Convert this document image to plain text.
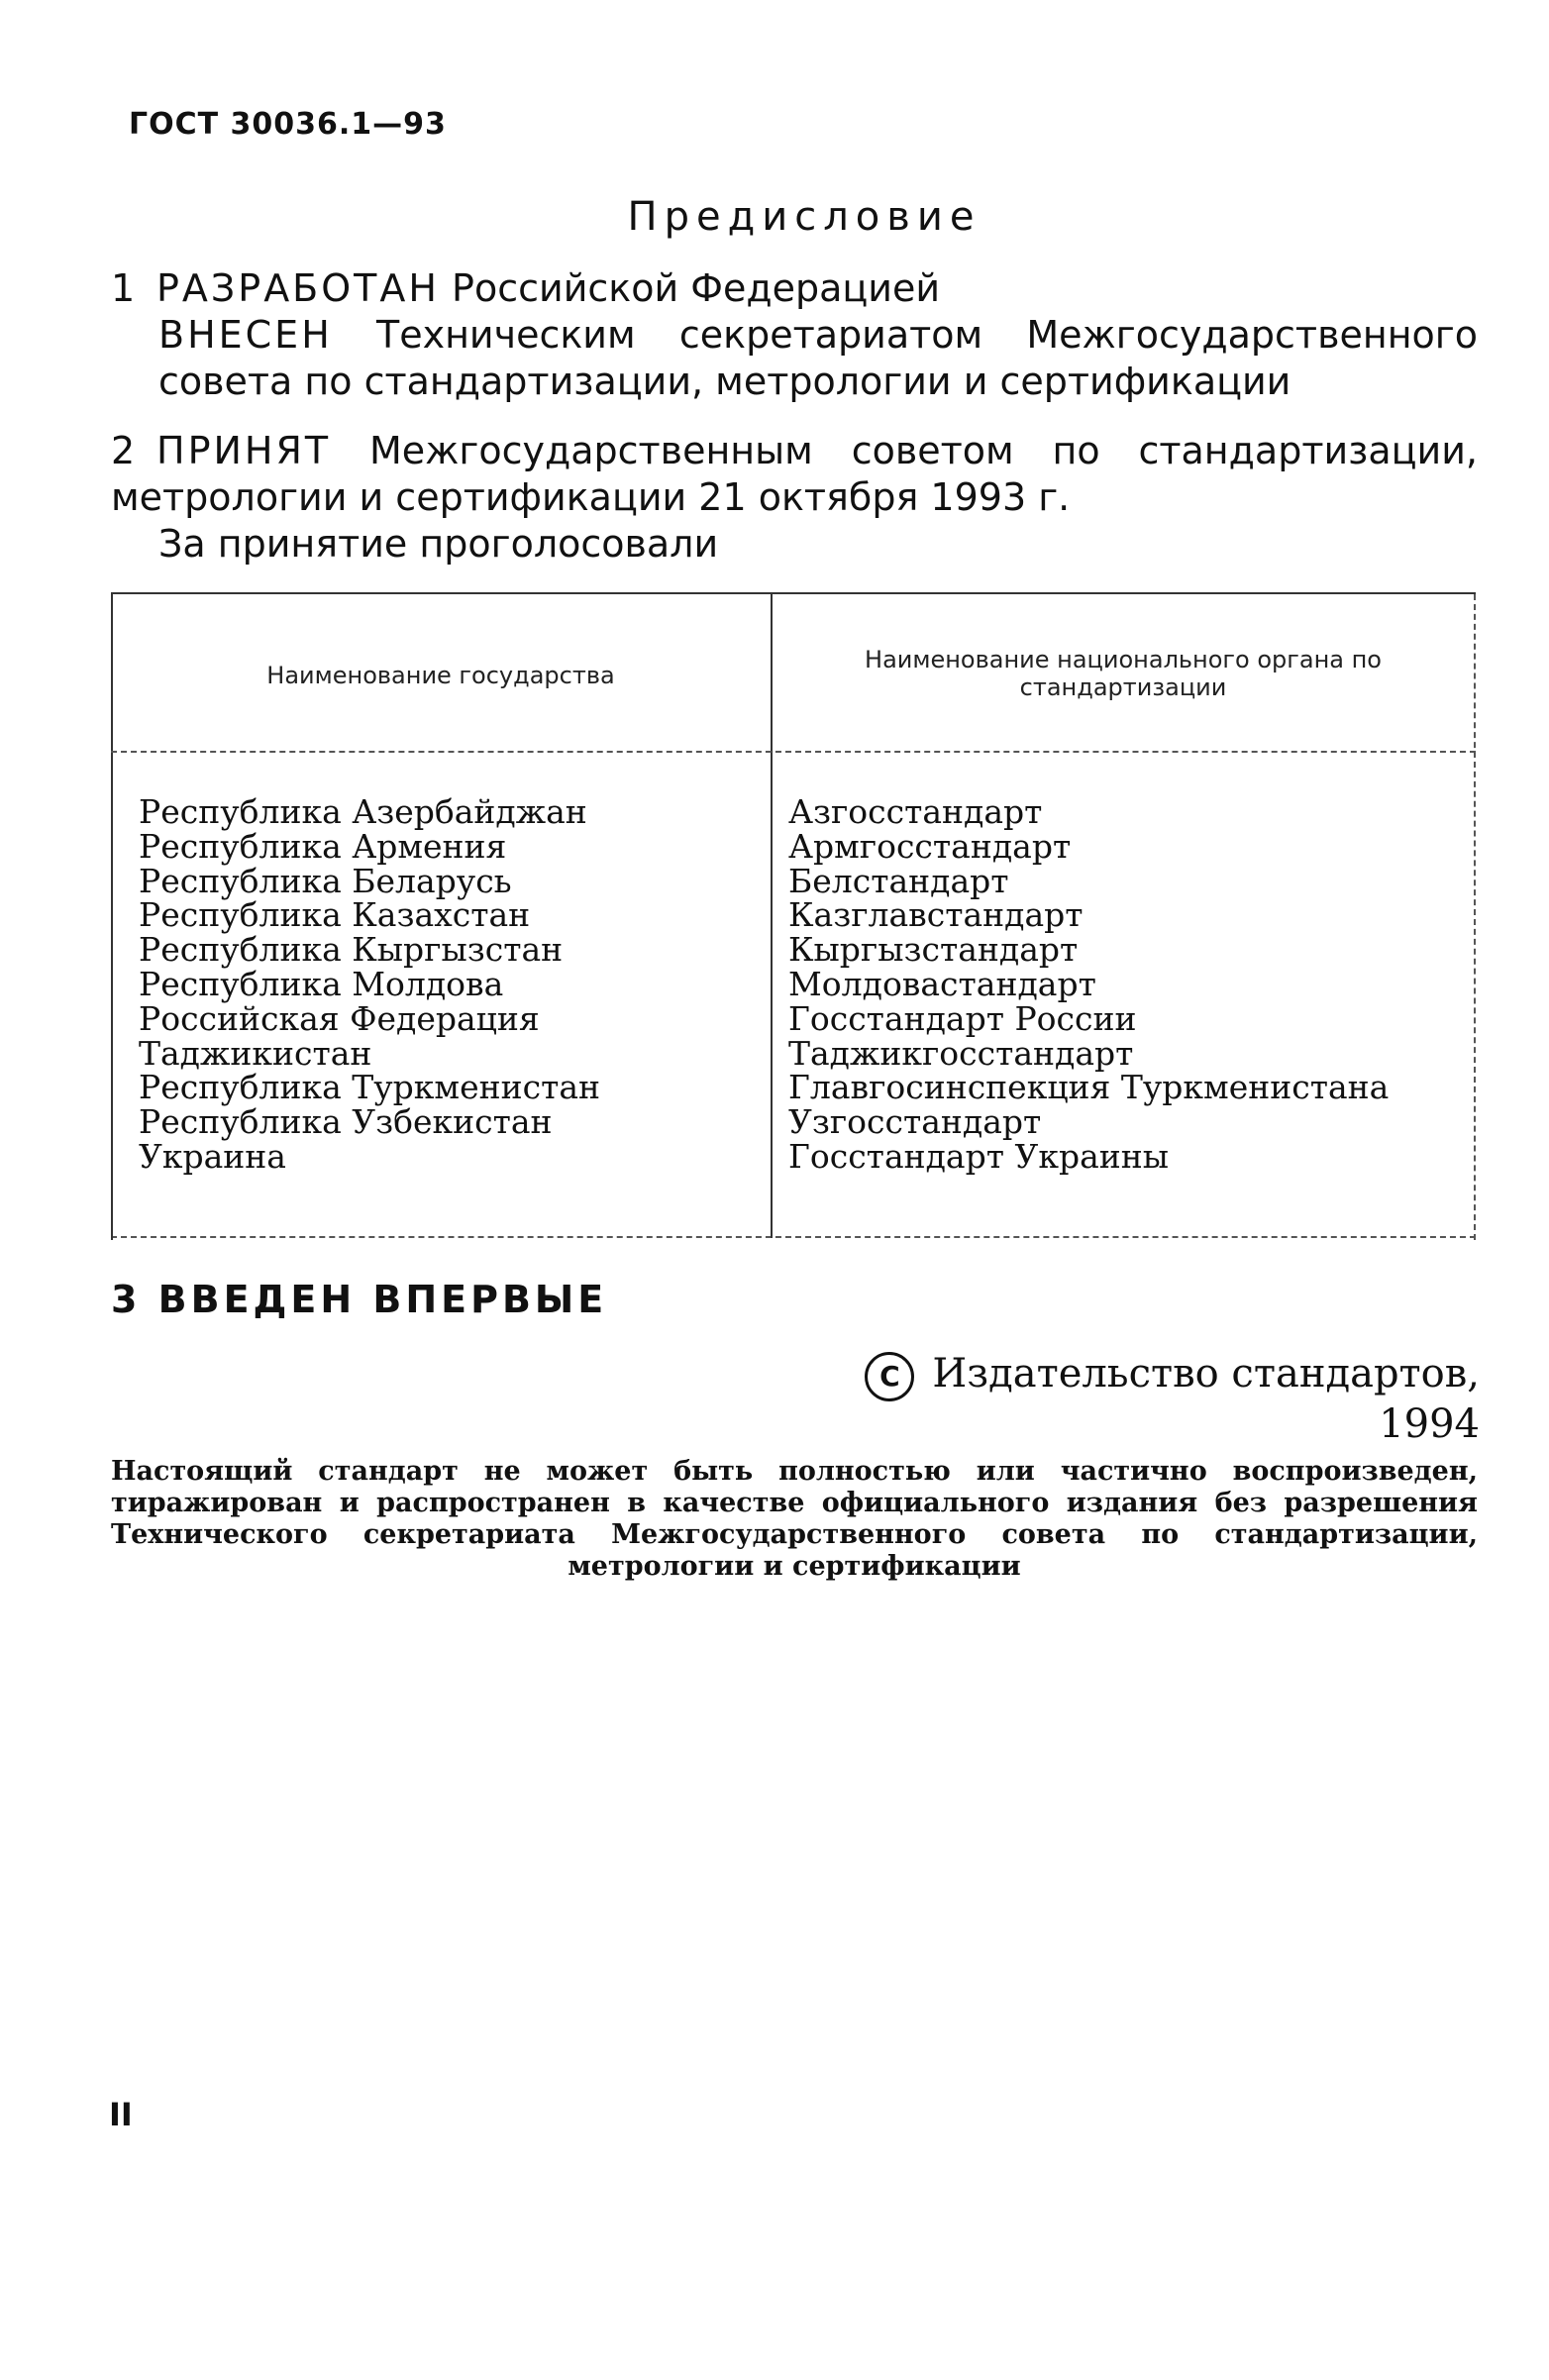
ГОСТ 30036.1—93
Предисловие
1 РАЗРАБОТАН Российской Федерацией
ВНЕСЕН Техническим секретариатом Межгосударственного
совета по стандартизации, метрологии и сертификации
2 ПРИНЯТ Межгосударственным советом по стандартизации,
метрологии и сертификации 21 октября 1993 г.
За принятие проголосовали
Наименование государства
Наименование национального органа по стандартизации
Республика Азербайджан
Республика Армения
Республика Беларусь
Республика Казахстан
Республика Кыргызстан
Республика Молдова
Российская Федерация
Таджикистан
Республика Туркменистан
Республика Узбекистан
Украина
Азгосстандарт
Армгосстандарт
Белстандарт
Казглавстандарт
Кыргызстандарт
Молдовастандарт
Госстандарт России
Таджикгосстандарт
Главгосинспекция Туркменистана
Узгосстандарт
Госстандарт Украины
3 ВВЕДЕН ВПЕРВЫЕ
C Издательство стандартов, 1994
Настоящий стандарт не может быть полностью или частично воспроизведен, тиражирован и распространен в качестве официального издания без разрешения Технического секретариата Межгосударственного совета по стандартизации, метрологии и сертификации
II
